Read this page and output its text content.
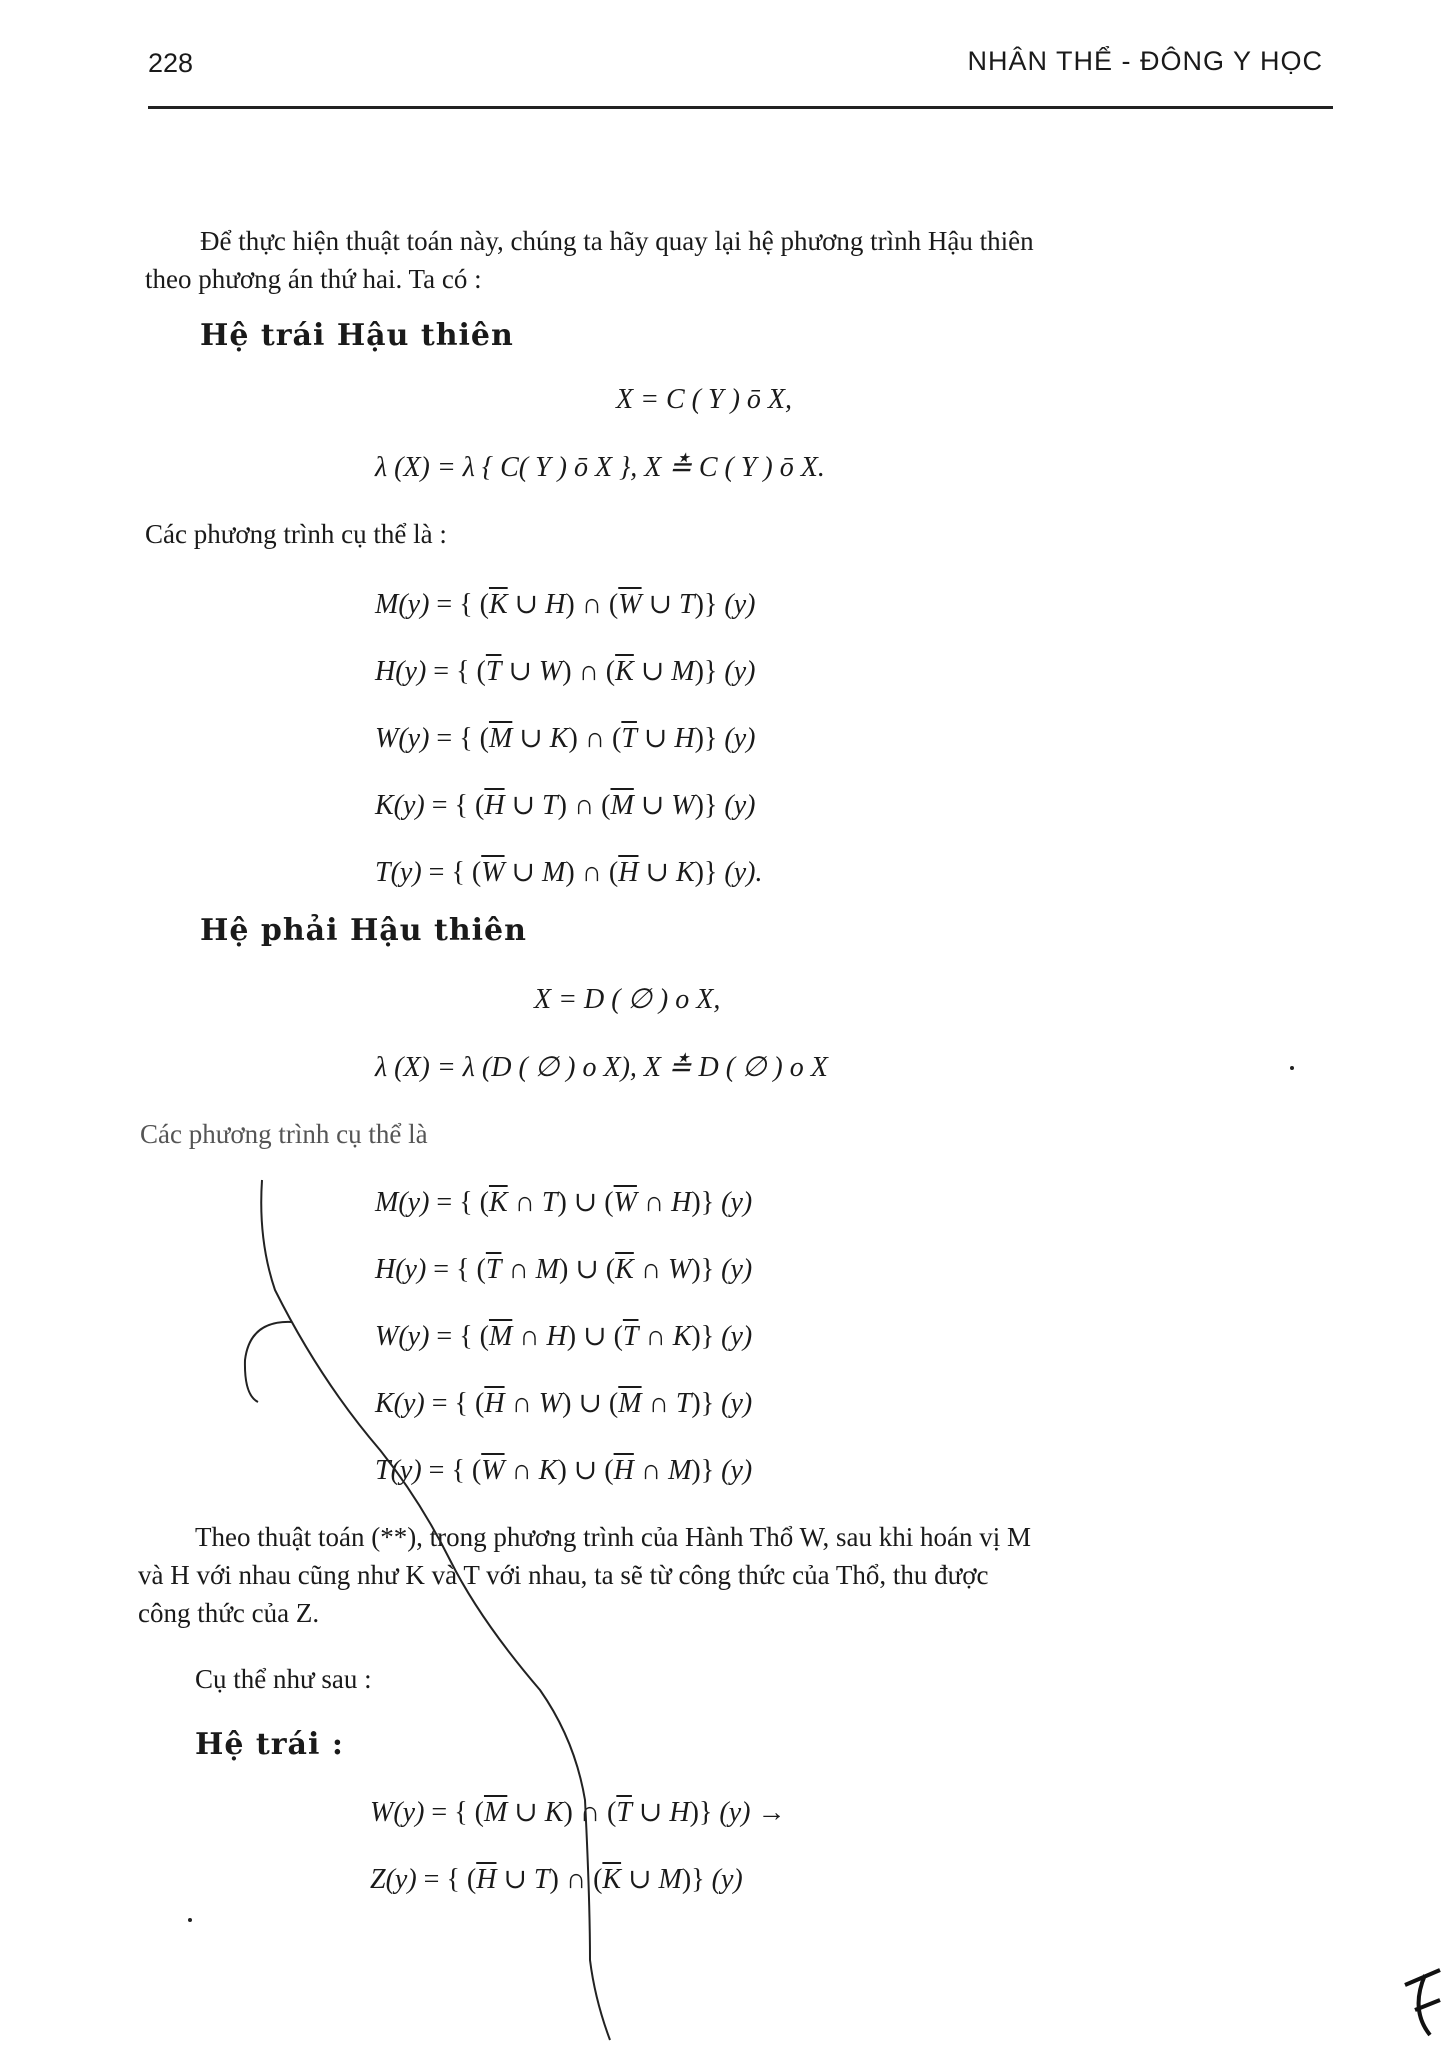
228	NHÂN THỂ - ĐÔNG Y HỌC
Để thực hiện thuật toán này, chúng ta hãy quay lại hệ phương trình Hậu thiên
theo phương án thứ hai. Ta có :
Hệ trái Hậu thiên
X = C ( Y ) ō X,
λ (X) = λ { C( Y ) ō X }, X ≛ C ( Y ) ō X.
Các phương trình cụ thể là :
M(y) = { ($\overline{K}$ ∪ H) ∩ ($\overline{W}$ ∪ T)} (y)
H(y) = { ($\overline{T}$ ∪ W) ∩ ($\overline{K}$ ∪ M)} (y)
W(y) = { ($\overline{M}$ ∪ K) ∩ ($\overline{T}$ ∪ H)} (y)
K(y) = { ($\overline{H}$ ∪ T) ∩ ($\overline{M}$ ∪ W)} (y)
T(y) = { ($\overline{W}$ ∪ M) ∩ ($\overline{H}$ ∪ K)} (y).
Hệ phải Hậu thiên
X = D ( ∅ ) o X,
λ (X) = λ (D ( ∅ ) o X), X ≛ D ( ∅ ) o X
Các phương trình cụ thể là
M(y) = { ($\overline{K}$ ∩ T) ∪ ($\overline{W}$ ∩ H)} (y)
H(y) = { ($\overline{T}$ ∩ M) ∪ ($\overline{K}$ ∩ W)} (y)
W(y) = { ($\overline{M}$ ∩ H) ∪ ($\overline{T}$ ∩ K)} (y)
K(y) = { ($\overline{H}$ ∩ W) ∪ ($\overline{M}$ ∩ T)} (y)
T(y) = { ($\overline{W}$ ∩ K) ∪ ($\overline{H}$ ∩ M)} (y)
Theo thuật toán (**), trong phương trình của Hành Thổ W, sau khi hoán vị M
và H với nhau cũng như K và T với nhau, ta sẽ từ công thức của Thổ, thu được
công thức của Z.
Cụ thể như sau :
Hệ trái :
W(y) = { ($\overline{M}$ ∪ K) ∩ ($\overline{T}$ ∪ H)} (y) →
Z(y) = { ($\overline{H}$ ∪ T) ∩ ($\overline{K}$ ∪ M)} (y)
